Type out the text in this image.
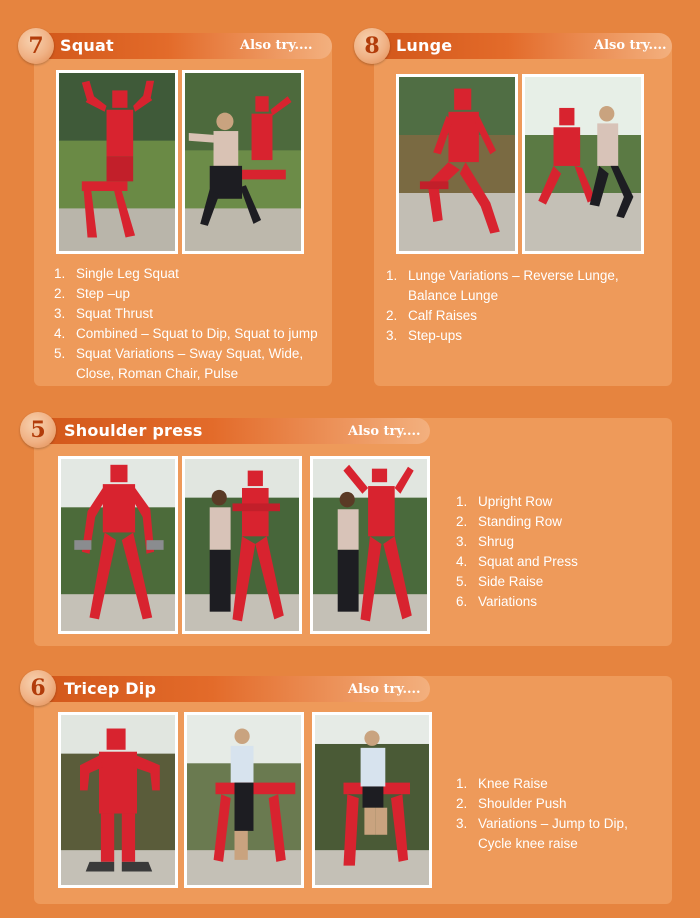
7	Squat	Also try....
1. Single Leg Squat
2. Step –up
3. Squat Thrust
4. Combined – Squat to Dip, Squat to jump
5. Squat Variations – Sway Squat, Wide, Close, Roman Chair, Pulse
8	Lunge	Also try....
1. Lunge Variations – Reverse Lunge, Balance Lunge
2. Calf Raises
3. Step-ups
5	Shoulder press	Also try....
1. Upright Row
2. Standing Row
3. Shrug
4. Squat and Press
5. Side Raise
6. Variations
6	Tricep Dip	Also try....
1. Knee Raise
2. Shoulder Push
3. Variations – Jump to Dip, Cycle knee raise
